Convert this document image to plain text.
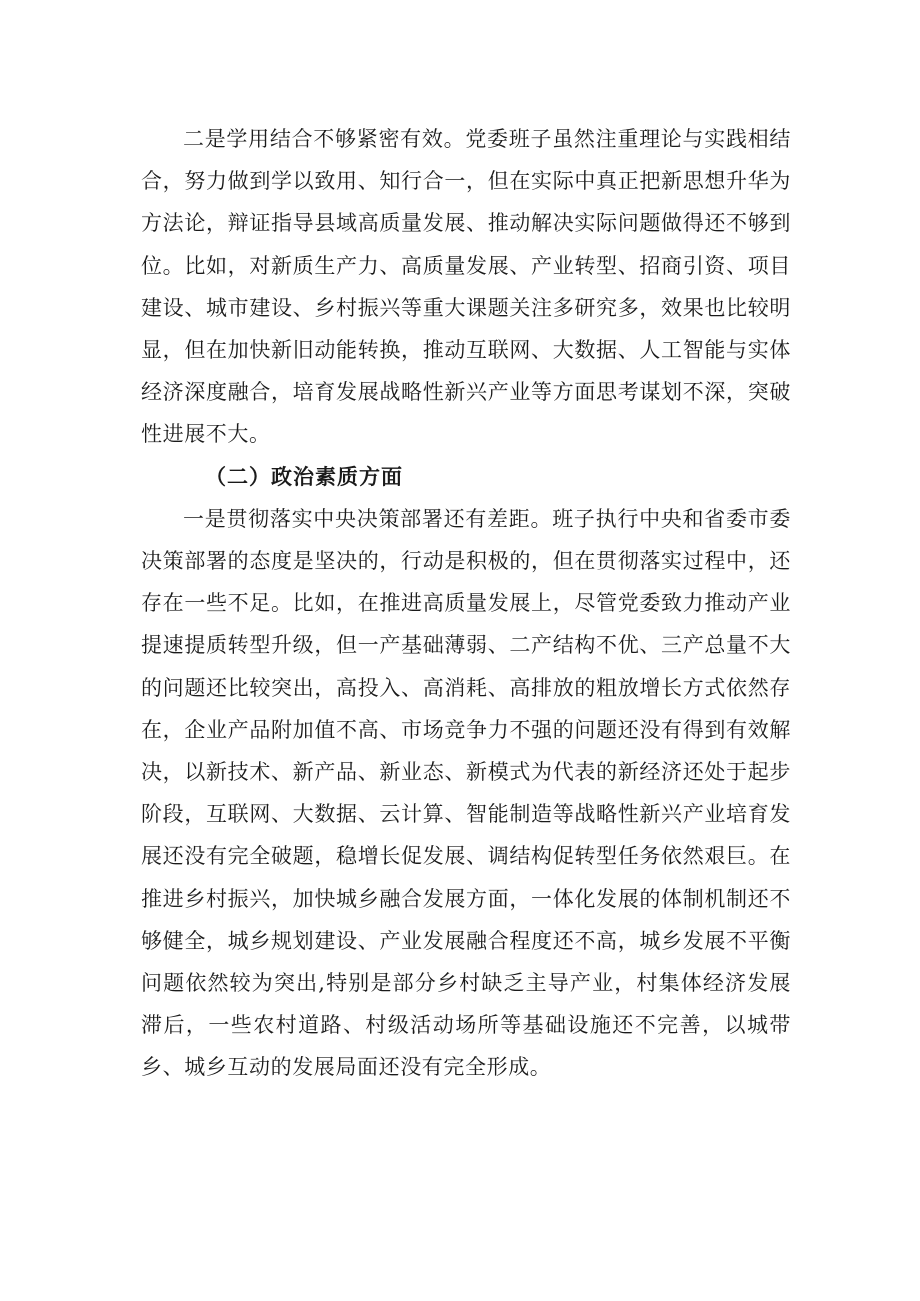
二是学用结合不够紧密有效。党委班子虽然注重理论与实践相结合，努力做到学以致用、知行合一，但在实际中真正把新思想升华为方法论，辩证指导县域高质量发展、推动解决实际问题做得还不够到位。比如，对新质生产力、高质量发展、产业转型、招商引资、项目建设、城市建设、乡村振兴等重大课题关注多研究多，效果也比较明显，但在加快新旧动能转换，推动互联网、大数据、人工智能与实体经济深度融合，培育发展战略性新兴产业等方面思考谋划不深，突破性进展不大。

（二）政治素质方面

一是贯彻落实中央决策部署还有差距。班子执行中央和省委市委决策部署的态度是坚决的，行动是积极的，但在贯彻落实过程中，还存在一些不足。比如，在推进高质量发展上，尽管党委致力推动产业提速提质转型升级，但一产基础薄弱、二产结构不优、三产总量不大的问题还比较突出，高投入、高消耗、高排放的粗放增长方式依然存在，企业产品附加值不高、市场竞争力不强的问题还没有得到有效解决，以新技术、新产品、新业态、新模式为代表的新经济还处于起步阶段，互联网、大数据、云计算、智能制造等战略性新兴产业培育发展还没有完全破题，稳增长促发展、调结构促转型任务依然艰巨。在推进乡村振兴，加快城乡融合发展方面，一体化发展的体制机制还不够健全，城乡规划建设、产业发展融合程度还不高，城乡发展不平衡问题依然较为突出,特别是部分乡村缺乏主导产业，村集体经济发展滞后，一些农村道路、村级活动场所等基础设施还不完善，以城带乡、城乡互动的发展局面还没有完全形成。
